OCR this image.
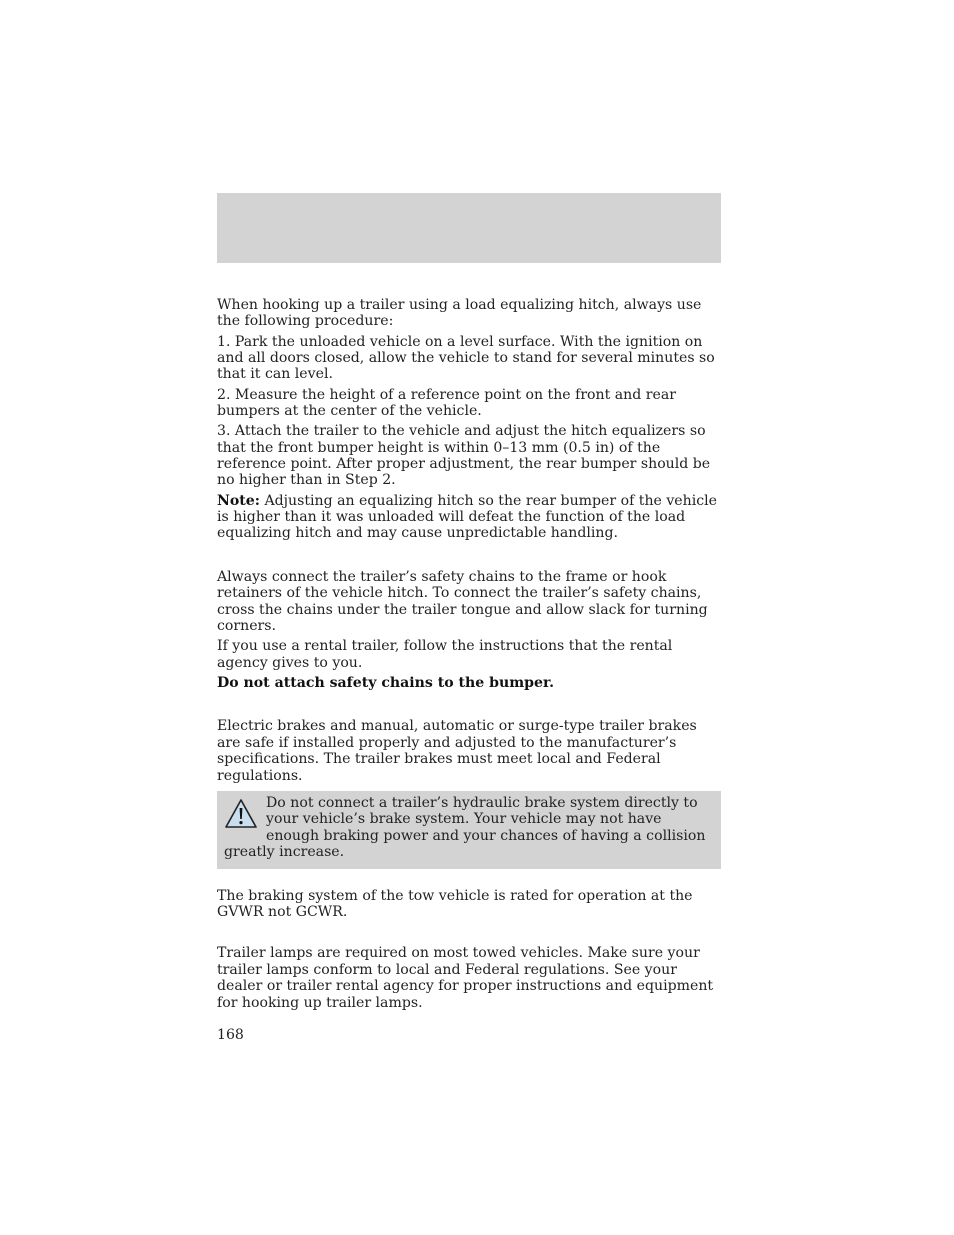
When hooking up a trailer using a load equalizing hitch, always use the following procedure:

1. Park the unloaded vehicle on a level surface. With the ignition on and all doors closed, allow the vehicle to stand for several minutes so that it can level.

2. Measure the height of a reference point on the front and rear bumpers at the center of the vehicle.

3. Attach the trailer to the vehicle and adjust the hitch equalizers so that the front bumper height is within 0–13 mm (0.5 in) of the reference point. After proper adjustment, the rear bumper should be no higher than in Step 2.

Note: Adjusting an equalizing hitch so the rear bumper of the vehicle is higher than it was unloaded will defeat the function of the load equalizing hitch and may cause unpredictable handling.

Always connect the trailer’s safety chains to the frame or hook retainers of the vehicle hitch. To connect the trailer’s safety chains, cross the chains under the trailer tongue and allow slack for turning corners.

If you use a rental trailer, follow the instructions that the rental agency gives to you.

Do not attach safety chains to the bumper.

Electric brakes and manual, automatic or surge-type trailer brakes are safe if installed properly and adjusted to the manufacturer’s specifications. The trailer brakes must meet local and Federal regulations.

Do not connect a trailer’s hydraulic brake system directly to your vehicle’s brake system. Your vehicle may not have enough braking power and your chances of having a collision greatly increase.

The braking system of the tow vehicle is rated for operation at the GVWR not GCWR.

Trailer lamps are required on most towed vehicles. Make sure your trailer lamps conform to local and Federal regulations. See your dealer or trailer rental agency for proper instructions and equipment for hooking up trailer lamps.

168
